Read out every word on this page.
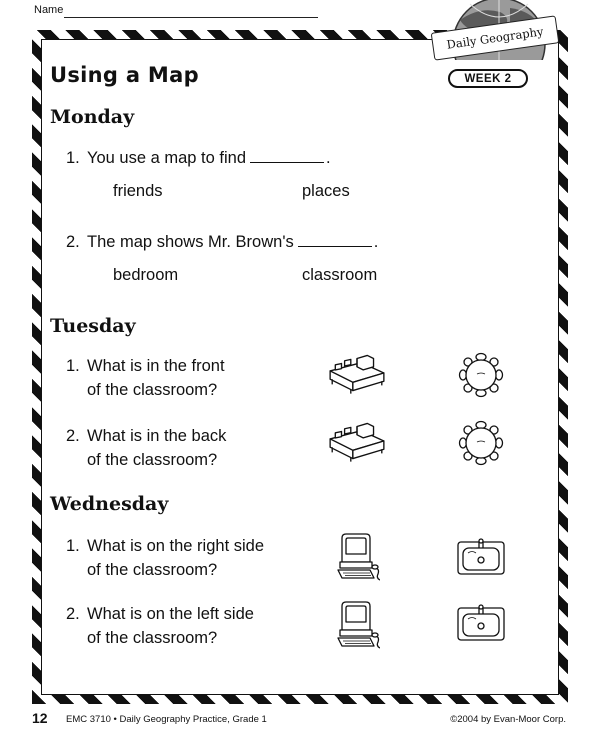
Name
Daily Geography
WEEK 2
Using a Map
Monday
1. You use a map to find	.
friends	places
2. The map shows Mr. Brown's	.
bedroom	classroom
Tuesday
1. What is in the front
of the classroom?
2. What is in the back
of the classroom?
Wednesday
1. What is on the right side
of the classroom?
2. What is on the left side
of the classroom?
12 EMC 3710 • Daily Geography Practice, Grade 1	©2004 by Evan-Moor Corp.
